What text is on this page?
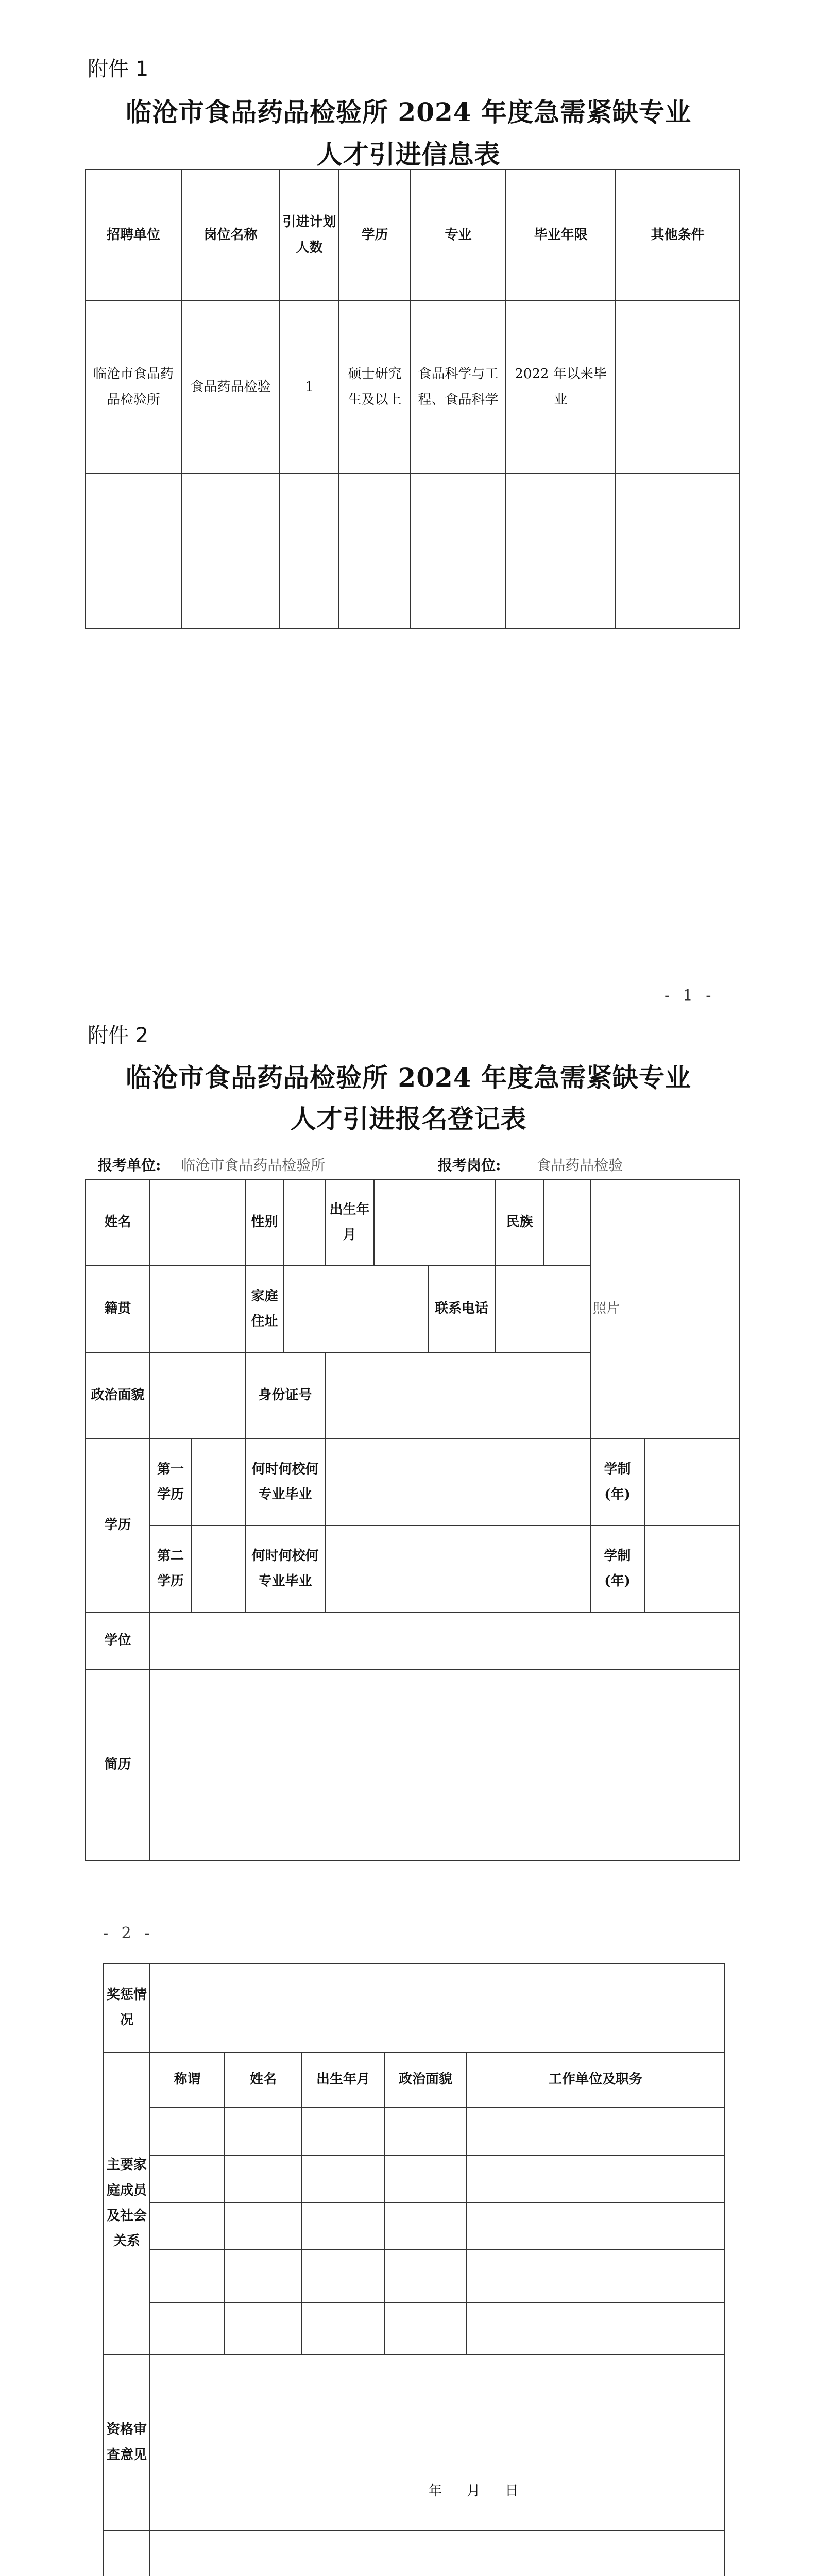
附件 1
临沧市食品药品检验所 2024 年度急需紧缺专业
人才引进信息表
招聘单位	岗位名称	引进计划人数	学历	专业	毕业年限	其他条件
临沧市食品药品检验所	食品药品检验	1	硕士研究生及以上	食品科学与工程、食品科学	2022 年以来毕业	

- 1 -
附件 2
临沧市食品药品检验所 2024 年度急需紧缺专业
人才引进报名登记表
报考单位: 临沧市食品药品检验所	报考岗位: 食品药品检验
姓名			性别		出生年月			民族		照片	
籍贯			家庭住址				联系电话				
政治面貌			身份证号								
学历	第一学历		何时何校何专业毕业							学制(年)	
	第二学历		何时何校何专业毕业							学制(年)	
学位											
简历											
- 2 -
奖惩情况					
主要家庭成员及社会关系	称谓	姓名	出生年月	政治面貌	工作单位及职务

资格审查意见	年 月 日				
